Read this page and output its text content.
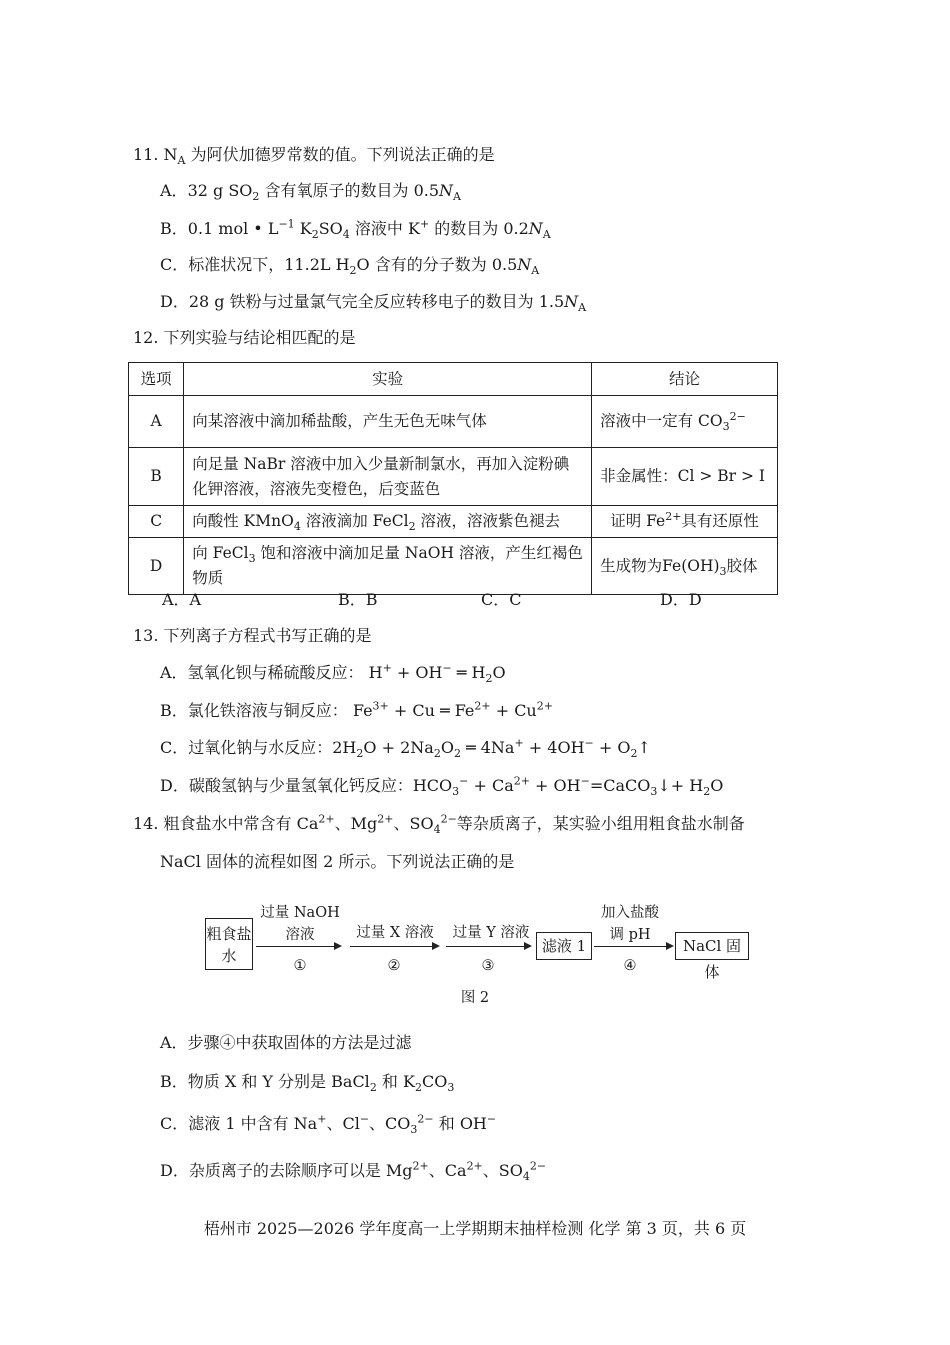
11. $N_A$ 为阿伏加德罗常数的值。下列说法正确的是
A．32 g $SO_2$ 含有氧原子的数目为 $0.5N_A$
B．0.1 mol • $L^{-1}$ $K_2SO_4$ 溶液中 K+ 的数目为 $0.2N_A$
C．标准状况下，11.2L $H_2O$ 含有的分子数为 $0.5N_A$
D．28 g 铁粉与过量氯气完全反应转移电子的数目为 $1.5N_A$
12. 下列实验与结论相匹配的是
选项	实验	结论
A	向某溶液中滴加稀盐酸，产生无色无味气体	溶液中一定有 $CO_3^{2-}$
B	向足量 NaBr 溶液中加入少量新制氯水，再加入淀粉碘化钾溶液，溶液先变橙色，后变蓝色	非金属性：Cl > Br > I
C	向酸性 KMnO$_4$ 溶液滴加 FeCl$_2$ 溶液，溶液紫色褪去	证明 $Fe^{2+}$具有还原性
D	向 FeCl$_3$ 饱和溶液中滴加足量 NaOH 溶液，产生红褐色物质	生成物为$Fe(OH)_3$胶体
A．A	B．B	C．C	D．D
13. 下列离子方程式书写正确的是
A．氢氧化钡与稀硫酸反应： H+ + OH− ═ $H_2O$
B．氯化铁溶液与铜反应： $Fe^{3+} + Cu$ ═ $Fe^{2+} + Cu^{2+}$
C．过氧化钠与水反应：$2H_2O + 2Na_2O_2$ ═ $4Na^+ + 4OH^- + O_2↑$
D．碳酸氢钠与少量氢氧化钙反应：$HCO_3^- + Ca^{2+}$ + OH−=CaCO$_3$↓+ $H_2O$
14. 粗食盐水中常含有 $Ca^{2+}$、$Mg^{2+}$、$SO_4^{2-}$等杂质离子，某实验小组用粗食盐水制备
NaCl 固体的流程如图 2 所示。下列说法正确的是
粗食盐水
过量 NaOH
溶液
①
过量 X 溶液
②
过量 Y 溶液
③
滤液 1
加入盐酸
调 pH
④
NaCl 固体
图 2
A．步骤④中获取固体的方法是过滤
B．物质 X 和 Y 分别是 BaCl$_2$ 和 $K_2CO_3$
C．滤液 1 中含有 Na+、Cl−、$CO_3^{2-}$ 和 OH−
D．杂质离子的去除顺序可以是 $Mg^{2+}$、$Ca^{2+}$、$SO_4^{2-}$
梧州市 2025—2026 学年度高一上学期期末抽样检测 化学 第 3 页，共 6 页
